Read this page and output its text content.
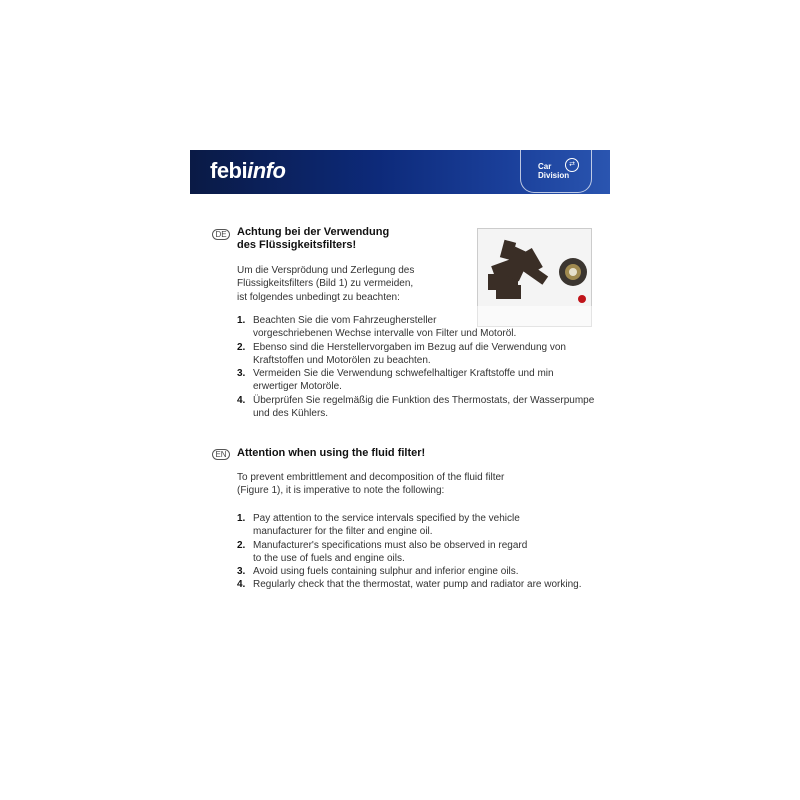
febiinfo	Car
Division
⇄
DE Achtung bei der Verwendung
des Flüssigkeitsfilters!
Um die Versprödung und Zerlegung des
Flüssigkeitsfilters (Bild 1) zu vermeiden,
ist folgendes unbedingt zu beachten:
1. Beachten Sie die vom Fahrzeughersteller
vorgeschriebenen Wechse intervalle von Filter und Motoröl.
2. Ebenso sind die Herstellervorgaben im Bezug auf die Verwendung von
Kraftstoffen und Motorölen zu beachten.
3. Vermeiden Sie die Verwendung schwefelhaltiger Kraftstoffe und min
erwertiger Motoröle.
4. Überprüfen Sie regelmäßig die Funktion des Thermostats, der Wasserpumpe
und des Kühlers.
EN Attention when using the fluid filter!
To prevent embrittlement and decomposition of the fluid filter
(Figure 1), it is imperative to note the following:
1. Pay attention to the service intervals specified by the vehicle
manufacturer for the filter and engine oil.
2. Manufacturer's specifications must also be observed in regard
to the use of fuels and engine oils.
3. Avoid using fuels containing sulphur and inferior engine oils.
4. Regularly check that the thermostat, water pump and radiator are working.
